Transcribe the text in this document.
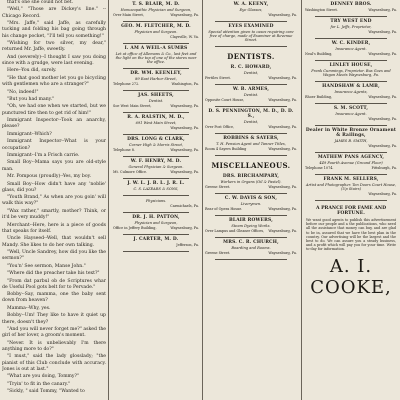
that's one she could not bet.

"Well," "Those are Dickey's line." --Chicago Record.

"Mrs. Jaffe," said Jaffe, as carefully tucking and folding his bag going through his change pocket, "I'll tell you something!"

"Wishing for two silver, my dear," returned Mr. Jaffe, sweetly.

And (severely)--I thought I saw you doing since with a grudge, were last evening.

Here--You did, surely.

"He that good mother let you go bicycling with gentlemen who are a stranger?"

"No, indeed!"

"But you had many."

"Oh, we had one when we started, but we punctured tire then to get rid of him!"

Immigrant Inspector--Took an anarchy, please?

Immigrant--Which?

Immigrant Inspector--What is your occupation?

Immigrant--I'm a Frisch carrie.

Small Boy--Mama says you are old-style man.

Mr. Pompous (proudly)--Yes, my boy.

Small Boy--How didn't have any 'noblie' glass, did you?

"Youth Brand," As when are you goin' will walk this way?"

"Wax rather," smartly, mother? Think, or it'd be very muddy!"

Merchant--Here, here is a piece of goods that speaks for itself.

Uncle Hayseed--Well, that wouldn't sell Mandy. She likes to do her own talking.

"Well, Uncle Sandrey, how did you like the sermon?"

"You'n' See sermon, Manse John."

"Where did the preacher take his text?"

"From dat parbul ob de Scriptures whar de Useful Pool gots belt for to Pervade."

Bobby--Say, mamma, one the baby sent down from heaven?

Mamma--Why, yes.

Bobby--Um! They like to have it quiet up there, doesn't they?

"And you will never forget me?" asked the girl of her lover, a groom's moment.

"Never. It is unbelievably I'm there anything more to do?"

"I must," said the lady glosslady; "the pianist of this Club conclude with accuracy. Jones is out at last."

"What are you doing, Tommy?"

"Tryin' to fit in the canary."

"Sickly, " said Tommy, "Wanted to

T. S. BLAIR, M. D.
Homoeopathic Physician and Surgeon,
Over Main Street,	Waynesburg, Pa.
GEO. M. FLETCHER, M. D.
Physician and Surgeon.
Claysville, W. Va.
I. AM A WEIL-A SUMRS
Let at office of Allemans & Co., last feet and the light on the top of one of the stores near the office.
DR. WM. KEENLEY,
89 East Harbor Street,
Telephone 272.	Washington, Pa.
JAS. SHEETS,
Dentist.
Soe West Main Street,	Waynesburg, Pa.
R. A. RALSTIN, M. D.,
691 West Main Street,
Waynesburg, Pa.
DRS. LONG & CLARK,
Corner High & Morris Street,
Telephone 8.	Waynesburg, Pa.
W. F. HENRY, M. D.
General Physician & Surgeon.
Mt. Culmore Office.	Waynesburg, Pa.
J. W. L. J. B. L. J. R. L.
C. S. LAZEARS & SONS,
Physicians.
Carmichaels, Pa.
DR. J. H. PATTON,
Physician and Surgeon,
Office in Jeffery Building,	Waynesburg, Pa.
J. CARTER, M. D.
Jefferson, Pa.
W. A. KEENY,
Eye Glasses,
Waynesburg, Pa.
EYES EXAMINED
Special attention given to cases requiring care free of charge, made of Examiner at Revenue Street.
DENTISTS.
R. C. HOWARD,
Dentist,
Fertiles Street.	Waynesburg, Pa.
W. B. ARMES,
Dentist.
Opposite Court House,	Waynesburg, Pa.
D. S. PENNINGTON, M. D., D. D. S.,
Dentist,
Over Post Office,	Waynesburg, Pa.
ROBBINS & SAYERS,
T. H. Pension Agent and Tanner Titles,
Room 4 Sayers Building	Waynesburg, Pa.
MISCELLANEOUS.
DRS. BIRCHAMPARY,
Workers in Organs (Oil & Pastel).
Greene Street.	Waynesburg, Pa.
C. W. DAVIS & SON,
Liverymen.
Rear of Opera House.	Waynesburg, Pa.
BLAIR ROWERS,
Steam Dyeing Works.
Over Lampus and Gleaner Offices, Waynesburg, Pa.
MRS. C. R. CHURCH,
Boarding and Rooms.
Greene Street.	Waynesburg, Pa.
DENNEY BROS.
Washington Street.	Waynesburg, Pa.
TRY WEST END
for L. Jeffs, Proprietor,
Waynesburg, Pa.
W. C. KINDER,
Insurance Agent.
Neal's Building,	Waynesburg, Pa.
LINLEY HOUSE,
Frank Cummings, Proprietor. Bus Goes and Wagon Meets Waynesburg, Pa.
HANDSHAW & LAMB,
Insurance Agents,
Rhoer Building,	Waynesburg, Pa.
S. M. SCOTT,
Insurance Agent.
Waynesburg, Pa.
Dealer in White Bronze Ornament & Railings,
JAMES B. SMITH,
Waynesburg, Pa.
MATHEW PANS AGENCY,
449 Fourth Avenue (Ground Floor)
Telephone 1074.	Pittsburgh, Pa.
FRANK M. SELLERS,
Artist and Photographer. Ten Doors Court House, (Up Stairs)
Waynesburg, Pa.
A PRANCE FOR FAME AND FORTUNE.
We want good agents to publish this advertisement before our people and a the publications, who need all the assistance that money can buy, and are glad to be in, assured that we have the best plan in the country. Our advertising will be the largest and the best to do. We can assure you a steady business, and a profit which will pay you for your time. Write to-day for information.
A. I. COOKE,
